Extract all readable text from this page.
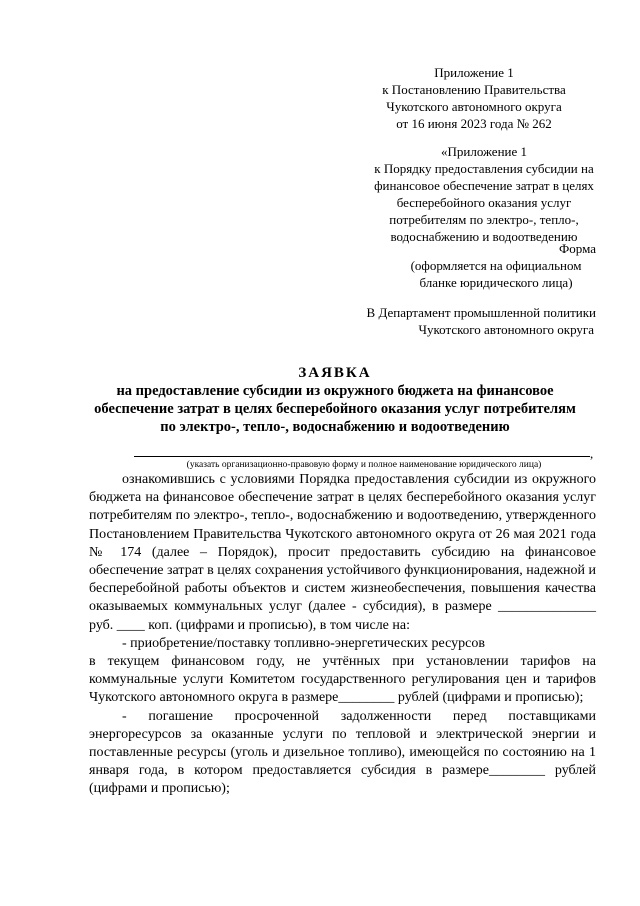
Приложение 1
к Постановлению Правительства
Чукотского автономного округа
от 16 июня 2023 года № 262
«Приложение 1
к Порядку предоставления субсидии на
финансовое обеспечение затрат в целях
бесперебойного оказания услуг
потребителям по электро-, тепло-,
водоснабжению и водоотведению
Форма
(оформляется на официальном
бланке юридического лица)
В Департамент промышленной политики
Чукотского автономного округа
ЗАЯВКА
на предоставление субсидии из окружного бюджета на финансовое
обеспечение затрат в целях бесперебойного оказания услуг потребителям
по электро-, тепло-, водоснабжению и водоотведению
,
(указать организационно-правовую форму и полное наименование юридического лица)

ознакомившись с условиями Порядка предоставления субсидии из окружного бюджета на финансовое обеспечение затрат в целях бесперебойного оказания услуг потребителям по электро-, тепло-, водоснабжению и водоотведению, утвержденного Постановлением Правительства Чукотского автономного округа от 26 мая 2021 года № 174 (далее – Порядок), просит предоставить субсидию на финансовое обеспечение затрат в целях сохранения устойчивого функционирования, надежной и бесперебойной работы объектов и систем жизнеобеспечения, повышения качества оказываемых коммунальных услуг (далее - субсидия), в размере ______________ руб. ____ коп. (цифрами и прописью), в том числе на:

- приобретение/поставку топливно-энергетических ресурсов

в текущем финансовом году, не учтённых при установлении тарифов на коммунальные услуги Комитетом государственного регулирования цен и тарифов Чукотского автономного округа в размере________ рублей (цифрами и прописью);

- погашение просроченной задолженности перед поставщиками энергоресурсов за оказанные услуги по тепловой и электрической энергии и поставленные ресурсы (уголь и дизельное топливо), имеющейся по состоянию на 1 января года, в котором предоставляется субсидия в размере________ рублей (цифрами и прописью);
